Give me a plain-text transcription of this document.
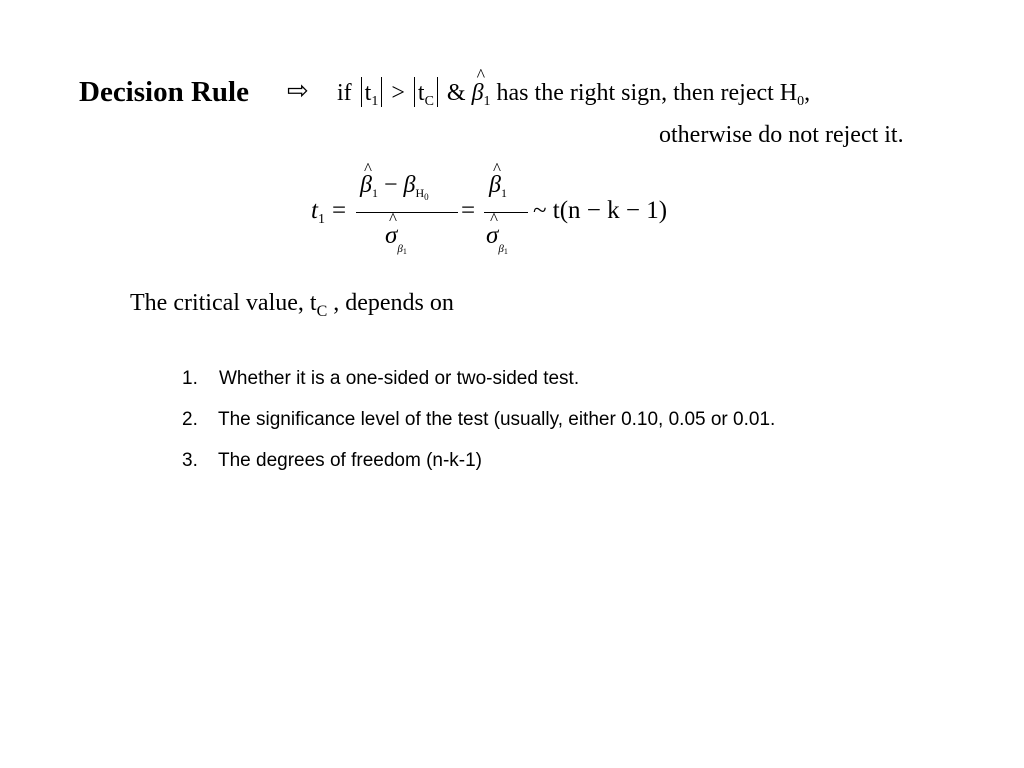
Decision Rule ⇨ if $t_1 > t_C$ & ^ $\beta_1$ has the right sign, then reject $H_0$,
otherwise do not reject it.
$t_1$ =
^ $\beta_1 - \beta_{H0}$
^ $\sigma_{\beta 1}$
=
^ $\beta_1$
^ $\sigma_{\beta 1}$
~ t(n − k − 1)
The critical value, $t_C$ , depends on
1.	Whether it is a one-sided or two-sided test.
2.	The significance level of the test (usually, either 0.10, 0.05 or 0.01.
3.	The degrees of freedom (n-k-1)
